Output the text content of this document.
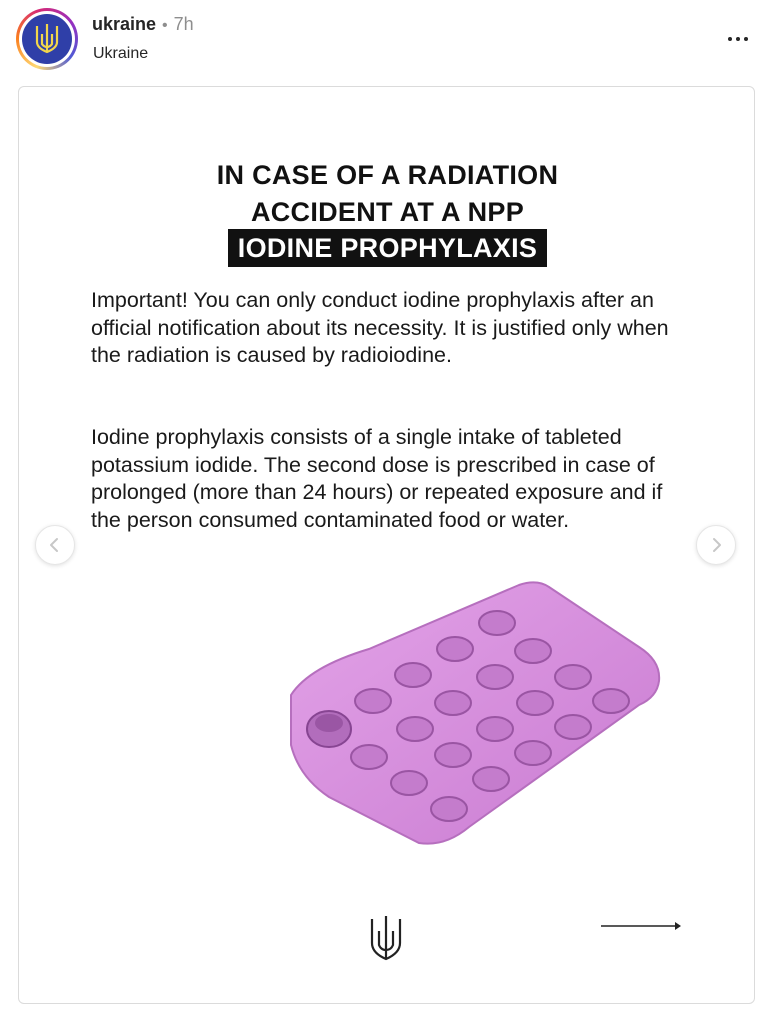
ukraine • 7h
Ukraine
IN CASE OF A RADIATION
ACCIDENT AT A NPP
IODINE PROPHYLAXIS

Important! You can only conduct iodine prophylaxis after an official notification about its necessity. It is justified only when the radiation is caused by radioiodine.

Iodine prophylaxis consists of a single intake of tableted potassium iodide. The second dose is prescribed in case of prolonged (more than 24 hours) or repeated exposure and if the person consumed contaminated food or water.
